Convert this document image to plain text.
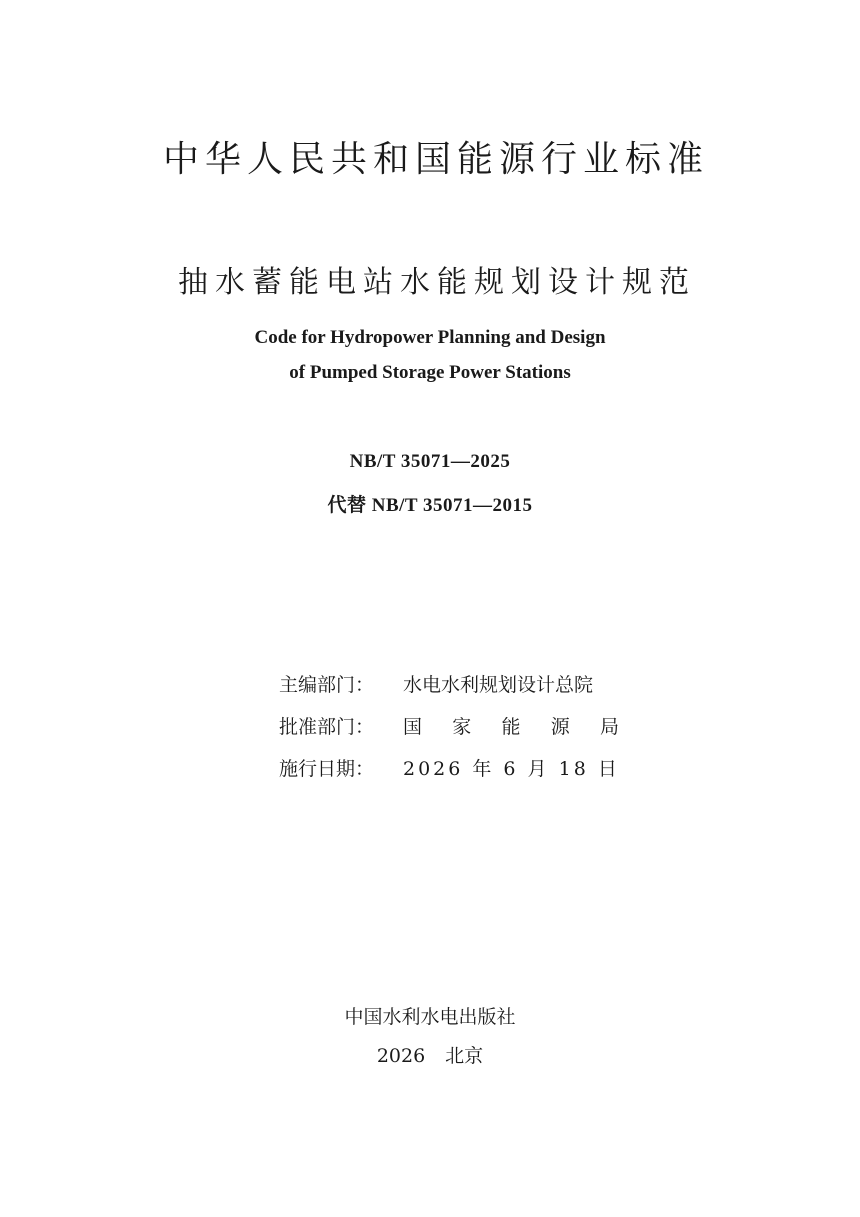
中华人民共和国能源行业标准
抽水蓄能电站水能规划设计规范
Code for Hydropower Planning and Design
of Pumped Storage Power Stations
NB/T 35071—2025
代替 NB/T 35071—2015
主编部门：	水电水利规划设计总院
批准部门：	国 家 能 源 局
施行日期：	2026 年 6 月 18 日
中国水利水电出版社
2026 北京
